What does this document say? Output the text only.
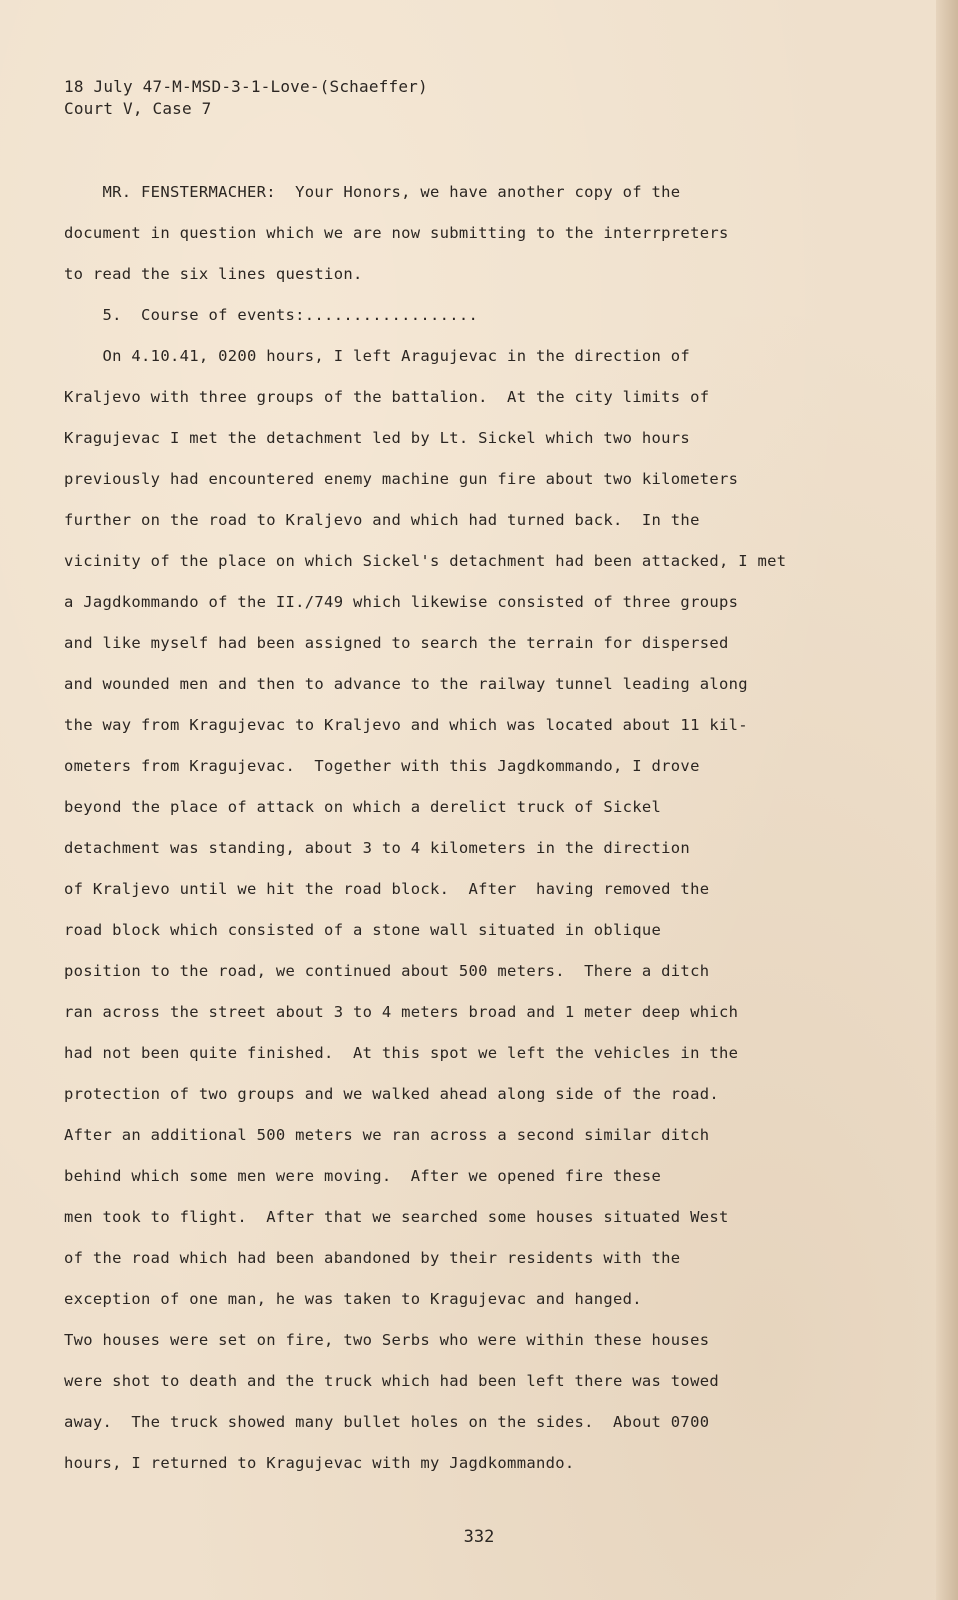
18 July 47-M-MSD-3-1-Love-(Schaeffer)
Court V, Case 7
MR. FENSTERMACHER:  Your Honors, we have another copy of the
document in question which we are now submitting to the interrpreters
to read the six lines question.
5.  Course of events:..................
On 4.10.41, 0200 hours, I left Aragujevac in the direction of
Kraljevo with three groups of the battalion.  At the city limits of
Kragujevac I met the detachment led by Lt. Sickel which two hours
previously had encountered enemy machine gun fire about two kilometers
further on the road to Kraljevo and which had turned back.  In the
vicinity of the place on which Sickel's detachment had been attacked, I met
a Jagdkommando of the II./749 which likewise consisted of three groups
and like myself had been assigned to search the terrain for dispersed
and wounded men and then to advance to the railway tunnel leading along
the way from Kragujevac to Kraljevo and which was located about 11 kil-
ometers from Kragujevac.  Together with this Jagdkommando, I drove
beyond the place of attack on which a derelict truck of Sickel
detachment was standing, about 3 to 4 kilometers in the direction
of Kraljevo until we hit the road block.  After  having removed the
road block which consisted of a stone wall situated in oblique
position to the road, we continued about 500 meters.  There a ditch
ran across the street about 3 to 4 meters broad and 1 meter deep which
had not been quite finished.  At this spot we left the vehicles in the
protection of two groups and we walked ahead along side of the road.
After an additional 500 meters we ran across a second similar ditch
behind which some men were moving.  After we opened fire these
men took to flight.  After that we searched some houses situated West
of the road which had been abandoned by their residents with the
exception of one man, he was taken to Kragujevac and hanged.
Two houses were set on fire, two Serbs who were within these houses
were shot to death and the truck which had been left there was towed
away.  The truck showed many bullet holes on the sides.  About 0700
hours, I returned to Kragujevac with my Jagdkommando.
332
